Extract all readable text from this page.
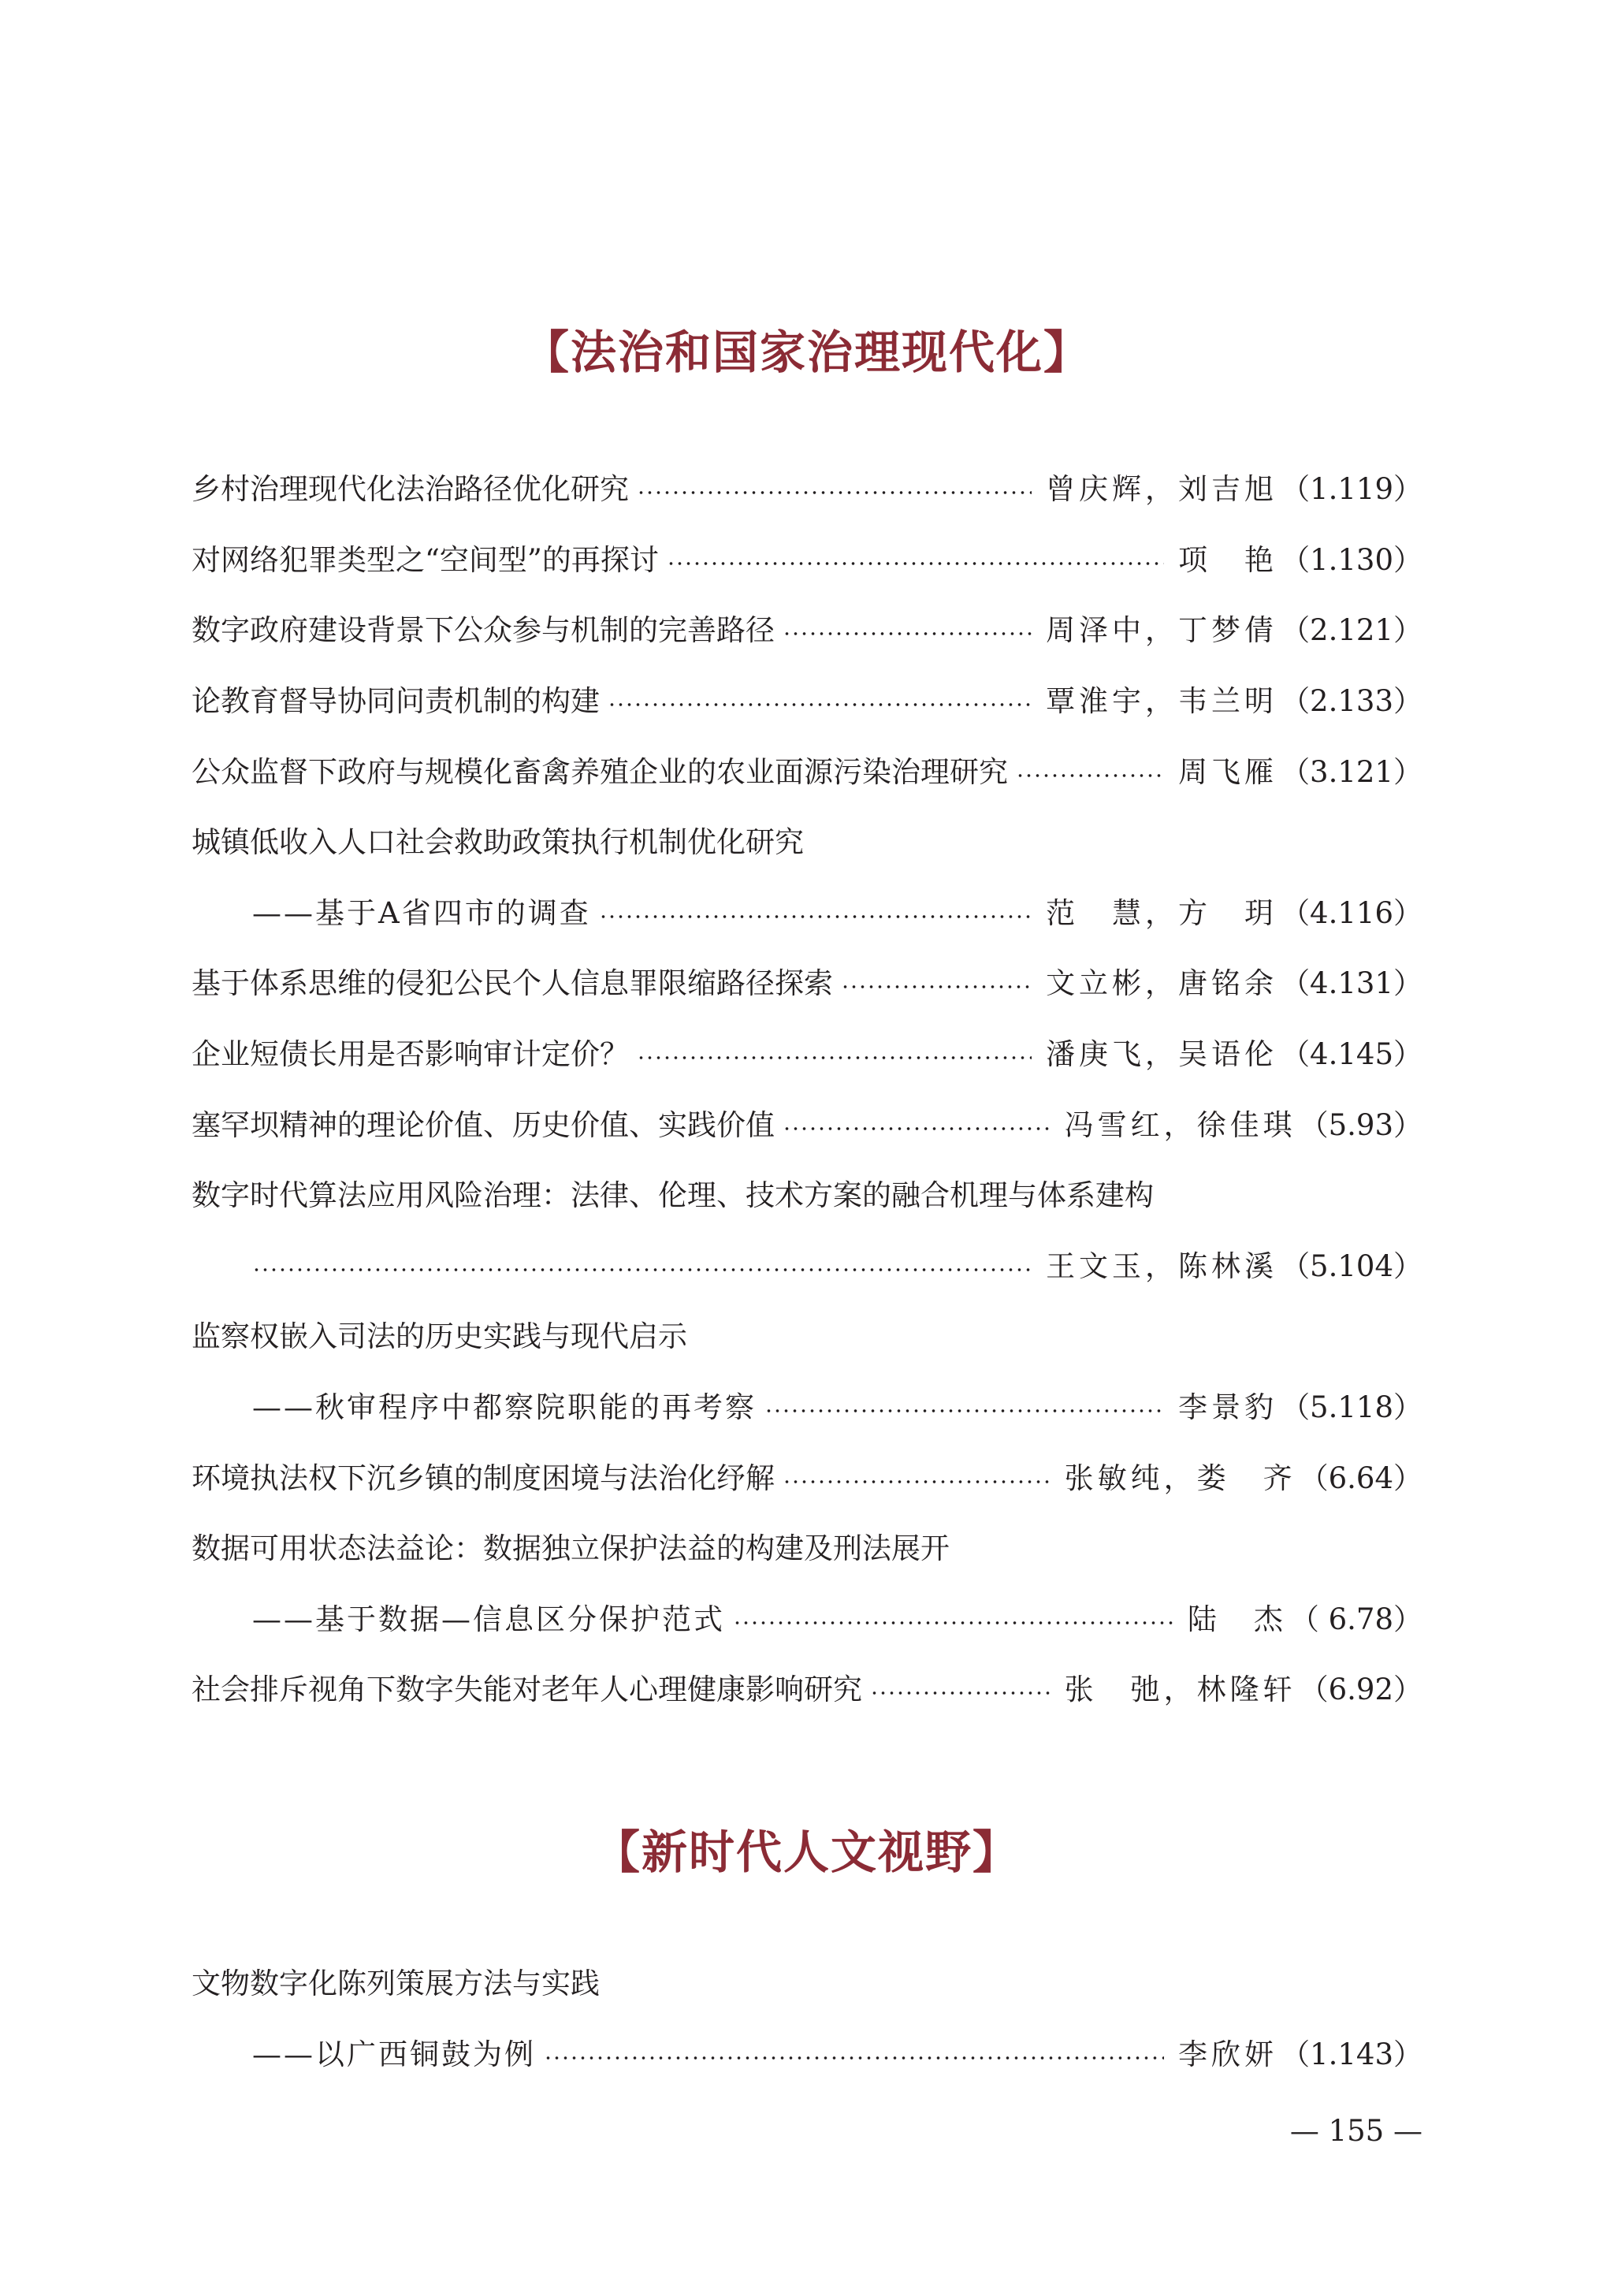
【法治和国家治理现代化】
乡村治理现代化法治路径优化研究	曾庆辉，刘吉旭 （1.119）
对网络犯罪类型之“空间型”的再探讨	项　艳 （1.130）
数字政府建设背景下公众参与机制的完善路径	周泽中，丁梦倩 （2.121）
论教育督导协同问责机制的构建	覃淮宇，韦兰明 （2.133）
公众监督下政府与规模化畜禽养殖企业的农业面源污染治理研究	周飞雁 （3.121）
城镇低收入人口社会救助政策执行机制优化研究
——基于A省四市的调查	范　慧，方　玥 （4.116）
基于体系思维的侵犯公民个人信息罪限缩路径探索	文立彬，唐铭余 （4.131）
企业短债长用是否影响审计定价？	潘庚飞，吴语伦 （4.145）
塞罕坝精神的理论价值、历史价值、实践价值	冯雪红，徐佳琪 （5.93）
数字时代算法应用风险治理：法律、伦理、技术方案的融合机理与体系建构
王文玉，陈林溪 （5.104）
监察权嵌入司法的历史实践与现代启示
——秋审程序中都察院职能的再考察	李景豹 （5.118）
环境执法权下沉乡镇的制度困境与法治化纾解	张敏纯，娄　齐 （6.64）
数据可用状态法益论：数据独立保护法益的构建及刑法展开
——基于数据—信息区分保护范式	陆　杰 （ 6.78）
社会排斥视角下数字失能对老年人心理健康影响研究	张　弛，林隆轩 （6.92）
【新时代人文视野】
文物数字化陈列策展方法与实践
——以广西铜鼓为例	李欣妍 （1.143）
— 155 —
